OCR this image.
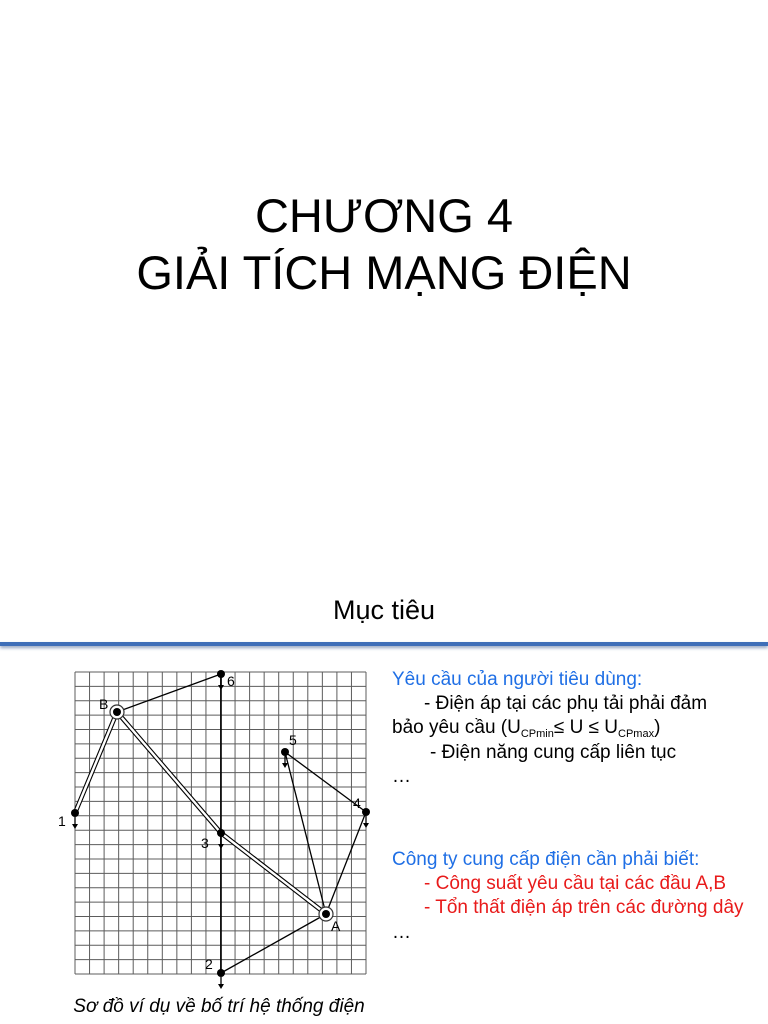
CHƯƠNG 4
GIẢI TÍCH MẠNG ĐIỆN
Mục tiêu
6
B
5
4
1
3
A
2
Sơ đồ ví dụ về bố trí hệ thống điện
Yêu cầu của người tiêu dùng:
- Điện áp tại các phụ tải phải đảm
bảo yêu cầu $(U_{CPmin}\le U \le U_{CPmax})$
- Điện năng cung cấp liên tục
…
Công ty cung cấp điện cần phải biết:
- Công suất yêu cầu tại các đầu A,B
- Tổn thất điện áp trên các đường dây
…
